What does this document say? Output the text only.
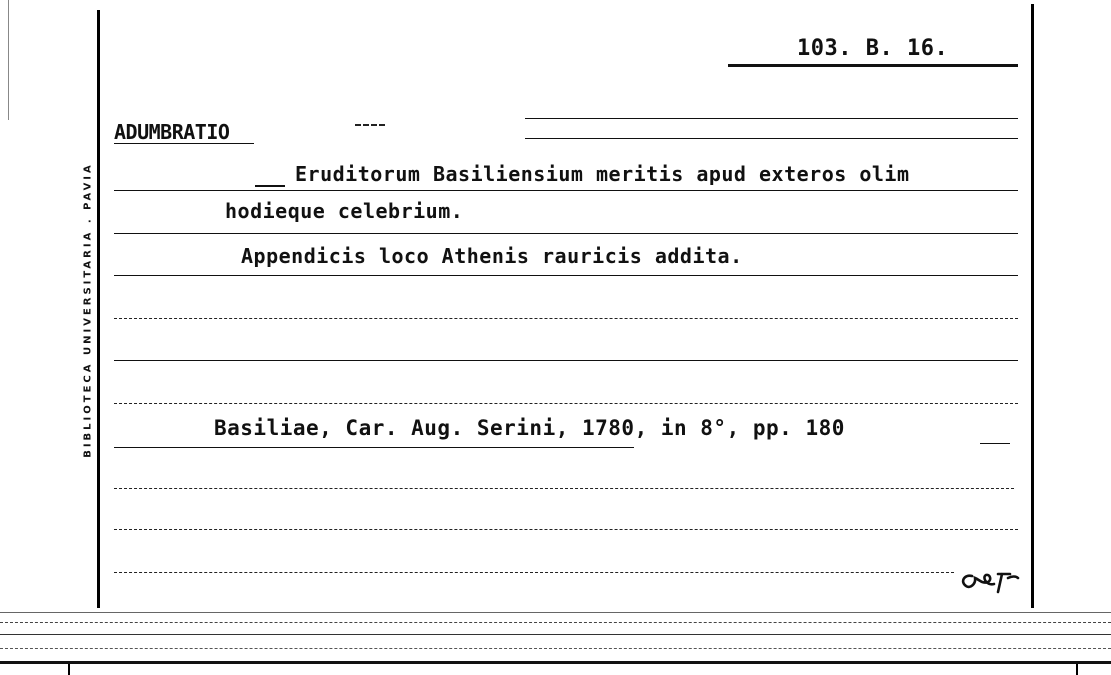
103. B. 16.
ADUMBRATIO
Eruditorum Basiliensium meritis apud exteros olim
hodieque celebrium.
Appendicis loco Athenis rauricis addita.
Basiliae, Car. Aug. Serini, 1780, in 8°, pp. 180
BIBLIOTECA UNIVERSITARIA . PAVIA
